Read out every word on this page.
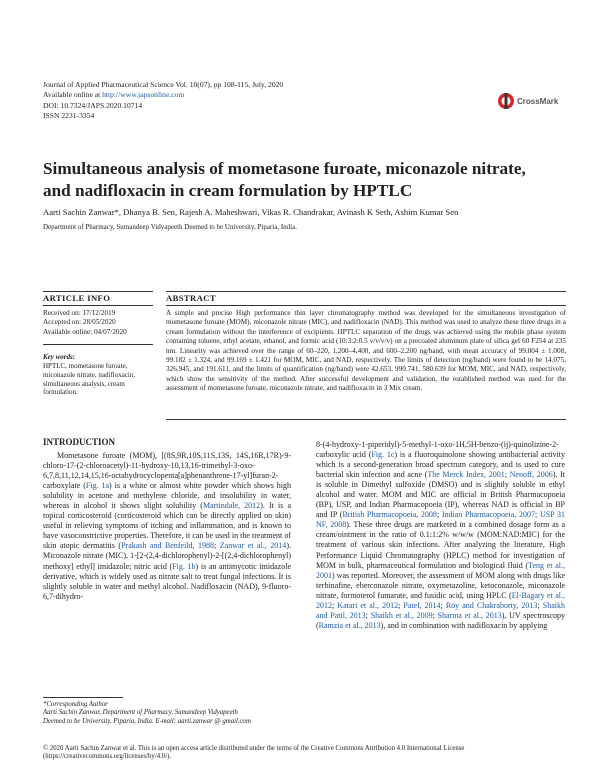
Journal of Applied Pharmaceutical Science Vol. 10(07), pp 108-115, July, 2020
Available online at http://www.japsonline.com
DOI: 10.7324/JAPS.2020.10714
ISSN 2231-3354
CrossMark
Simultaneous analysis of mometasone furoate, miconazole nitrate,
and nadifloxacin in cream formulation by HPTLC
Aarti Sachin Zanwar*, Dhanya B. Sen, Rajesh A. Maheshwari, Vikas R. Chandrakar, Avinash K Seth, Ashim Kumar Sen
Department of Pharmacy, Sumandeep Vidyapeeth Deemed to be University, Piparia, India.
ARTICLE INFO	ABSTRACT
Received on: 17/12/2019
Accepted on: 28/05/2020
Available online: 04/07/2020
Key words:
HPTLC, mometasone furoate, miconazole nitrate, nadifloxacin, simultaneous analysis, cream formulation.
A simple and precise High performance thin layer chromatography method was developed for the simultaneous investigation of mometasone furoate (MOM), miconazole nitrate (MIC), and nadifloxacin (NAD). This method was used to analyze these three drugs in a cream formulation without the interference of excipients. HPTLC separation of the drugs was achieved using the mobile phase system containing toluene, ethyl acetate, ethanol, and formic acid (10:3:2:0.5 v/v/v/v) on a precoated aluminum plate of silica gel 60 F254 at 235 nm. Linearity was achieved over the range of 60–220, 1,200–4,400, and 600–2,200 ng/band, with mean accuracy of 99.004 ± 1.008, 99.182 ± 1.324, and 99.169 ± 1.421 for MOM, MIC, and NAD, respectively. The limits of detection (ng/band) were found to be 14.075, 326.945, and 191.611, and the limits of quantification (ng/band) were 42.653, 990.741, 580.639 for MOM, MIC, and NAD, respectively, which show the sensitivity of the method. After successful development and validation, the established method was used for the assessment of mometasone furoate, miconazole nitrate, and nadifloxacin in 3 Mix cream.
INTRODUCTION

Mometasone furoate (MOM), [(8S,9R,10S,11S,13S, 14S,16R,17R)-9-chloro-17-(2-chloroacetyl)-11-hydroxy-10,13,16-trimethyl-3-oxo-6,7,8,11,12,14,15,16-octahydrocyclopenta[a]phenanthrene-17-yl]furan-2-carboxylate (Fig. 1a) is a white or almost white powder which shows high solubility in acetone and methylene chloride, and insolubility in water, whereas in alcohol it shows slight solubility (Martindale, 2012). It is a topical corticosteroid (corticosteroid which can be directly applied on skin) useful in relieving symptoms of itching and inflammation, and is known to have vasoconstrictive properties. Therefore, it can be used in the treatment of skin atopic dermatitis (Prakash and Benfeild, 1988; Zanwar et al., 2014). Miconazole nitrate (MIC), 1-[2-(2,4-dichlorophenyl)-2-[(2,4-dichlorophenyl) methoxy] ethyl] imidazole; nitric acid (Fig. 1b) is an antimycotic imidazole derivative, which is widely used as nitrate salt to treat fungal infections. It is slightly soluble in water and methyl alcohol. Nadifloxacin (NAD), 9-fluoro-6,7-dihydro-

8-(4-hydroxy-1-piperidyl)-5-methyl-1-oxo-1H,5H-benzo-(ij)-quinolizine-2-carboxylic acid (Fig. 1c) is a fluoroquinolone showing antibacterial activity which is a second-generation broad spectrum category, and is used to cure bacterial skin infection and acne (The Merck Index, 2001; Nenoff, 2006). It is soluble in Dimethyl sulfoxide (DMSO) and is slightly soluble in ethyl alcohol and water. MOM and MIC are official in British Pharmacopoeia (BP), USP, and Indian Pharmacopoeia (IP), whereas NAD is official in BP and IP (British Pharmacopoeia, 2008; Indian Pharmacopoeia, 2007; USP 31 NF, 2008). These three drugs are marketed in a combined dosage form as a cream/ointment in the ratio of 0.1:1:2% w/w/w (MOM:NAD:MIC) for the treatment of various skin infections. After analyzing the literature, High Performance Liquid Chromatography (HPLC) method for investigation of MOM in bulk, pharmaceutical formulation and biological fluid (Teng et al., 2001) was reported. Moreover, the assessment of MOM along with drugs like terbinafine, eberconazole nitrate, oxymetazoline, ketoconazole, miconazole nitrate, formoterol fumarate, and fusidic acid, using HPLC (El-Bagary et al., 2012; Katari et al., 2012; Patel, 2014; Roy and Chakraborty, 2013; Shaikh and Patil, 2013; Shaikh et al., 2009; Sharma et al., 2013), UV spectroscopy (Ramzia et al., 2013), and in combination with nadifloxacin by applying

*Corresponding Author
Aarti Sachin Zanwar, Department of Pharmacy, Sumandeep Vidyapeeth
Deemed to be University, Piparia, India. E-mail: aarti.zanwar @ gmail.com
© 2020 Aarti Sachin Zanwar et al. This is an open access article distributed under the terms of the Creative Commons Attribution 4.0 International License
(https://creativecommons.org/licenses/by/4.0/).
